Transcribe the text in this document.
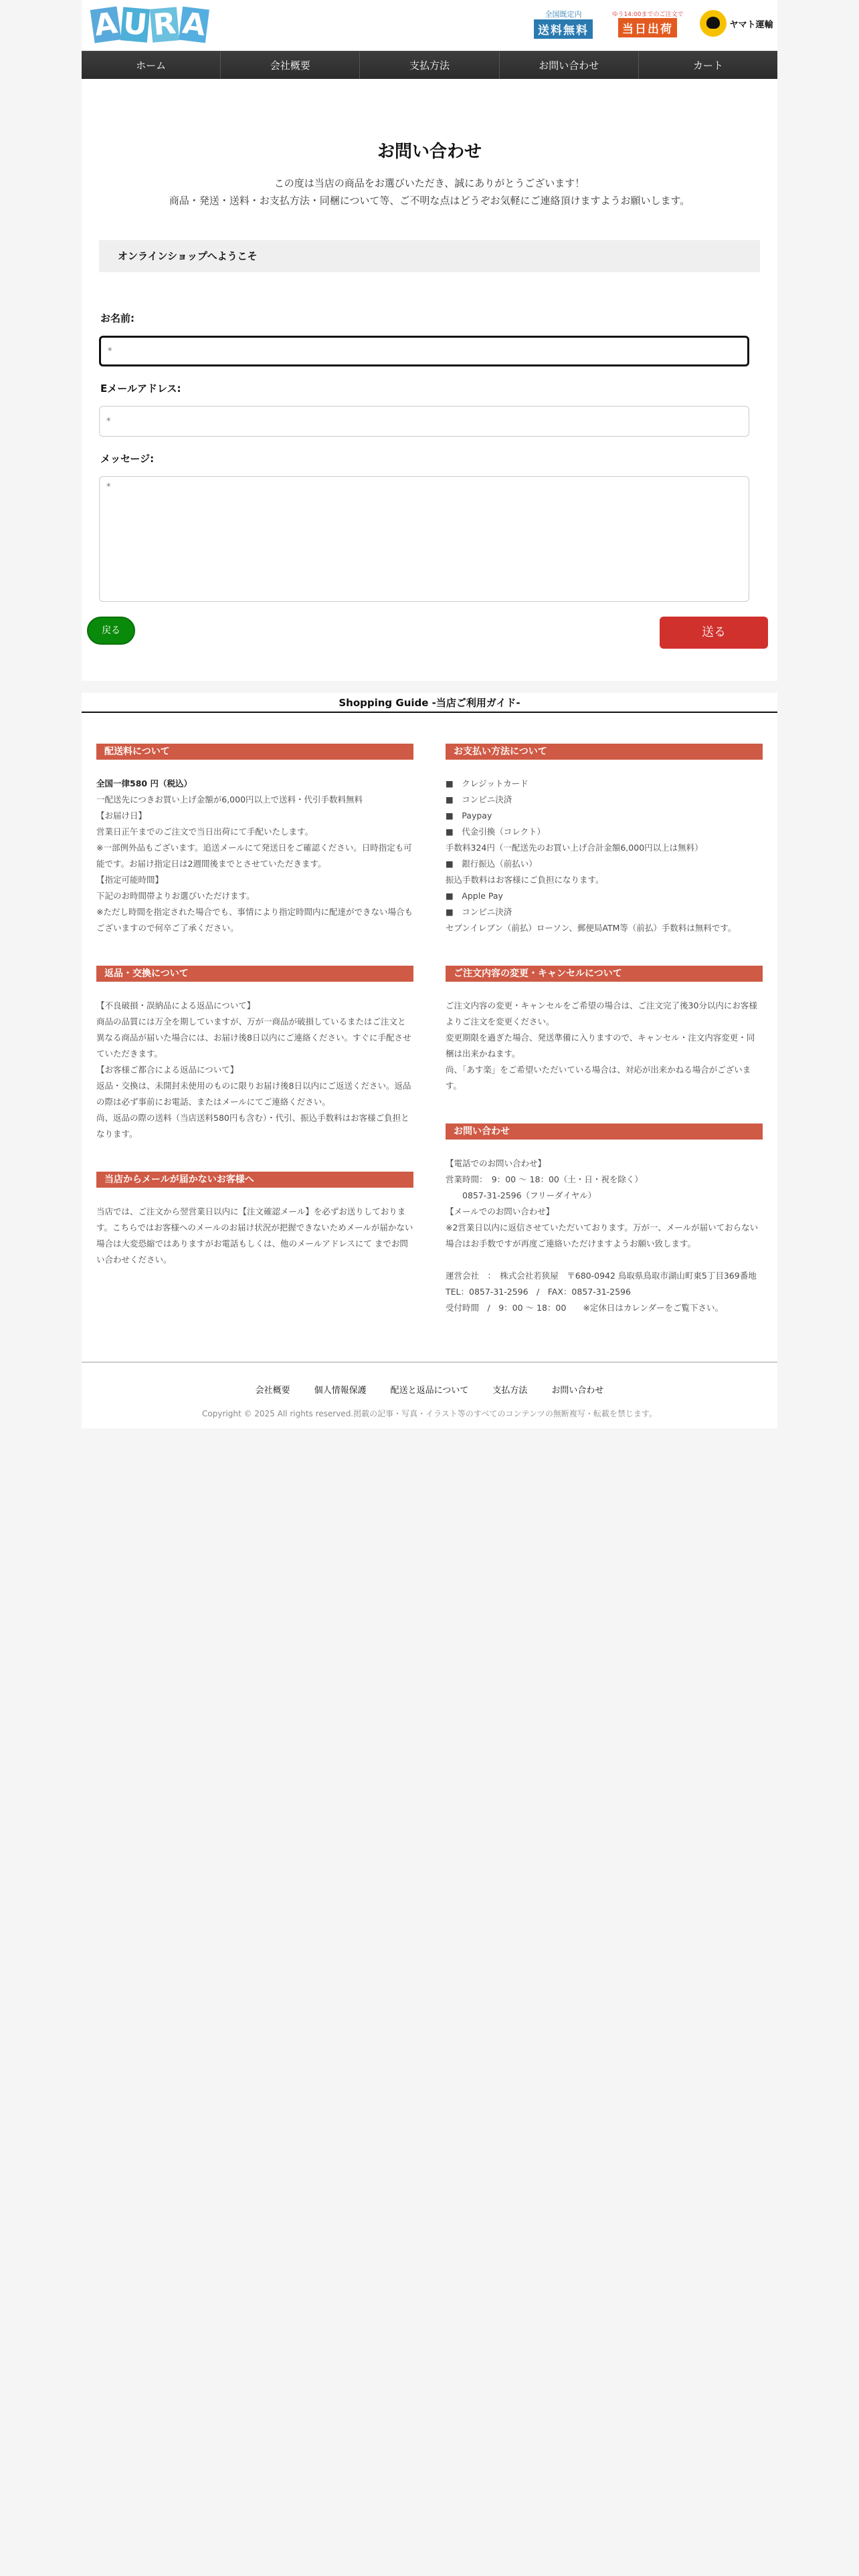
A U R A	全国既定内
送料無料
ゆう14:00までのご注文で
当日出荷	ヤマト運輸
ホーム	会社概要	支払方法	お問い合わせ	カート
お問い合わせ
この度は当店の商品をお選びいただき、誠にありがとうございます！
商品・発送・送料・お支払方法・同梱について等、ご不明な点はどうぞお気軽にご連絡頂けますようお願いします。
オンラインショップへようこそ
お名前:
*
Eメールアドレス:
*
メッセージ:
*
戻る	送る
Shopping Guide -当店ご利用ガイド-
配送料について

全国一律580 円（税込）

一配送先につきお買い上げ金額が6,000円以上で送料・代引手数料無料

【お届け日】

営業日正午までのご注文で当日出荷にて手配いたします。

※一部例外品もございます。追送メールにて発送日をご確認ください。日時指定も可能です。お届け指定日は2週間後までとさせていただきます。

【指定可能時間】

下記のお時間帯よりお選びいただけます。

※ただし時間を指定された場合でも、事情により指定時間内に配達ができない場合もございますので何卒ご了承ください。

返品・交換について

【不良破損・誤納品による返品について】

商品の品質には万全を期していますが、万が一商品が破損しているまたはご注文と異なる商品が届いた場合には、お届け後8日以内にご連絡ください。すぐに手配させていただきます。

【お客様ご都合による返品について】

返品・交換は、未開封未使用のものに限りお届け後8日以内にご返送ください。返品の際は必ず事前にお電話、またはメールにてご連絡ください。

尚、返品の際の送料（当店送料580円も含む）・代引、振込手数料はお客様ご負担となります。

当店からメールが届かないお客様へ

当店では、ご注文から翌営業日以内に【注文確認メール】を必ずお送りしております。こちらではお客様へのメールのお届け状況が把握できないためメールが届かない場合は大変恐縮ではありますがお電話もしくは、他のメールアドレスにて までお問い合わせください。

お支払い方法について

■　クレジットカード

■　コンビニ決済

■　Paypay

■　代金引換（コレクト）

手数料324円（一配送先のお買い上げ合計金額6,000円以上は無料）

■　銀行振込（前払い）

振込手数料はお客様にご負担になります。

■　Apple Pay

■　コンビニ決済

セブンイレブン（前払）ローソン、郵便局ATM等（前払）手数料は無料です。

ご注文内容の変更・キャンセルについて

ご注文内容の変更・キャンセルをご希望の場合は、ご注文完了後30分以内にお客様よりご注文を変更ください。

変更期限を過ぎた場合、発送準備に入りますので、キャンセル・注文内容変更・同梱は出来かねます。

尚、「あす楽」をご希望いただいている場合は、対応が出来かねる場合がございます。

お問い合わせ

【電話でのお問い合わせ】

営業時間：　9：00 〜 18：00（土・日・祝を除く）

　　0857-31-2596（フリーダイヤル）

【メールでのお問い合わせ】

※2営業日以内に返信させていただいております。万が一、メールが届いておらない場合はお手数ですが再度ご連絡いただけますようお願い致します。

運営会社　：　株式会社若狭屋　〒680-0942 鳥取県鳥取市湖山町東5丁目369番地

TEL：0857-31-2596　/　FAX：0857-31-2596

受付時間　/　9：00 〜 18：00　　※定休日はカレンダーをご覧下さい。

会社概要	個人情報保護	配送と返品について	支払方法	お問い合わせ
Copyright © 2025 All rights reserved.掲載の記事・写真・イラスト等のすべてのコンテンツの無断複写・転載を禁じます。
